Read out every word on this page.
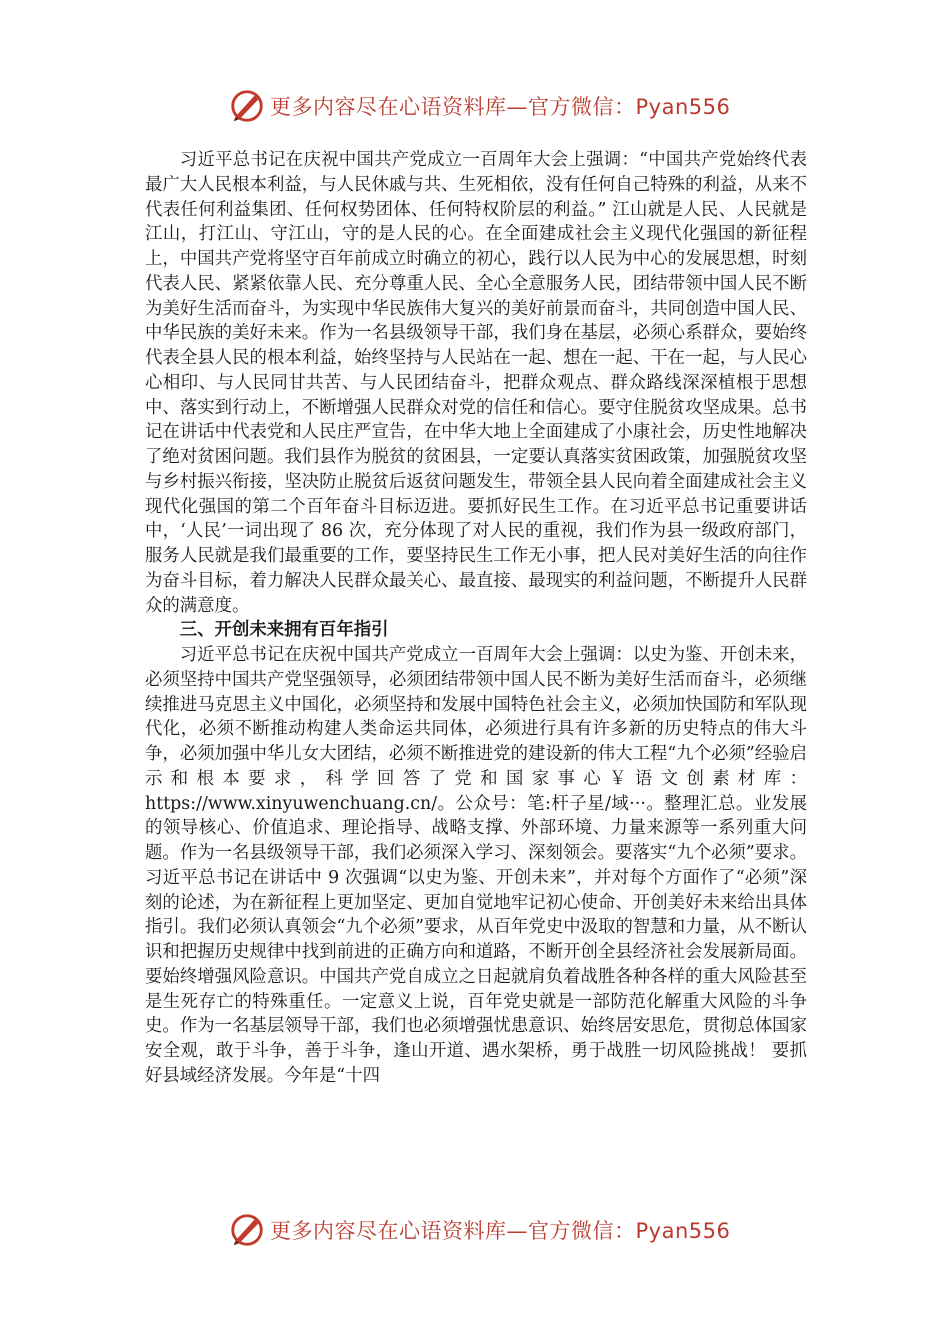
更多内容尽在心语资料库—官方微信：Pyan556

习近平总书记在庆祝中国共产党成立一百周年大会上强调：“中国共产党始终代表最广大人民根本利益，与人民休戚与共、生死相依，没有任何自己特殊的利益，从来不代表任何利益集团、任何权势团体、任何特权阶层的利益。” 江山就是人民、人民就是江山，打江山、守江山，守的是人民的心。在全面建成社会主义现代化强国的新征程上，中国共产党将坚守百年前成立时确立的初心，践行以人民为中心的发展思想，时刻代表人民、紧紧依靠人民、充分尊重人民、全心全意服务人民，团结带领中国人民不断为美好生活而奋斗，为实现中华民族伟大复兴的美好前景而奋斗，共同创造中国人民、中华民族的美好未来。作为一名县级领导干部，我们身在基层，必须心系群众，要始终代表全县人民的根本利益，始终坚持与人民站在一起、想在一起、干在一起，与人民心心相印、与人民同甘共苦、与人民团结奋斗，把群众观点、群众路线深深植根于思想中、落实到行动上，不断增强人民群众对党的信任和信心。要守住脱贫攻坚成果。总书记在讲话中代表党和人民庄严宣告，在中华大地上全面建成了小康社会，历史性地解决了绝对贫困问题。我们县作为脱贫的贫困县，一定要认真落实贫困政策，加强脱贫攻坚与乡村振兴衔接，坚决防止脱贫后返贫问题发生，带领全县人民向着全面建成社会主义现代化强国的第二个百年奋斗目标迈进。要抓好民生工作。在习近平总书记重要讲话中，‘人民’一词出现了 86 次，充分体现了对人民的重视，我们作为县一级政府部门，服务人民就是我们最重要的工作，要坚持民生工作无小事，把人民对美好生活的向往作为奋斗目标，着力解决人民群众最关心、最直接、最现实的利益问题，不断提升人民群众的满意度。

三、开创未来拥有百年指引

习近平总书记在庆祝中国共产党成立一百周年大会上强调：以史为鉴、开创未来，必须坚持中国共产党坚强领导，必须团结带领中国人民不断为美好生活而奋斗，必须继续推进马克思主义中国化，必须坚持和发展中国特色社会主义，必须加快国防和军队现代化，必须不断推动构建人类命运共同体，必须进行具有许多新的历史特点的伟大斗争，必须加强中华儿女大团结，必须不断推进党的建设新的伟大工程“九个必须”经验启示和根本要求，科学回答了党和国家事心￥语文创素材库：https://www.xinyuwenchuang.cn/。公众号：笔:杆子星/域···。整理汇总。业发展的领导核心、价值追求、理论指导、战略支撑、外部环境、力量来源等一系列重大问题。作为一名县级领导干部，我们必须深入学习、深刻领会。要落实“九个必须”要求。习近平总书记在讲话中 9 次强调“以史为鉴、开创未来”，并对每个方面作了“必须”深刻的论述，为在新征程上更加坚定、更加自觉地牢记初心使命、开创美好未来给出具体指引。我们必须认真领会“九个必须”要求，从百年党史中汲取的智慧和力量，从不断认识和把握历史规律中找到前进的正确方向和道路，不断开创全县经济社会发展新局面。要始终增强风险意识。中国共产党自成立之日起就肩负着战胜各种各样的重大风险甚至是生死存亡的特殊重任。一定意义上说，百年党史就是一部防范化解重大风险的斗争史。作为一名基层领导干部，我们也必须增强忧患意识、始终居安思危，贯彻总体国家安全观，敢于斗争，善于斗争，逢山开道、遇水架桥，勇于战胜一切风险挑战！ 要抓好县域经济发展。今年是“十四

更多内容尽在心语资料库—官方微信：Pyan556
